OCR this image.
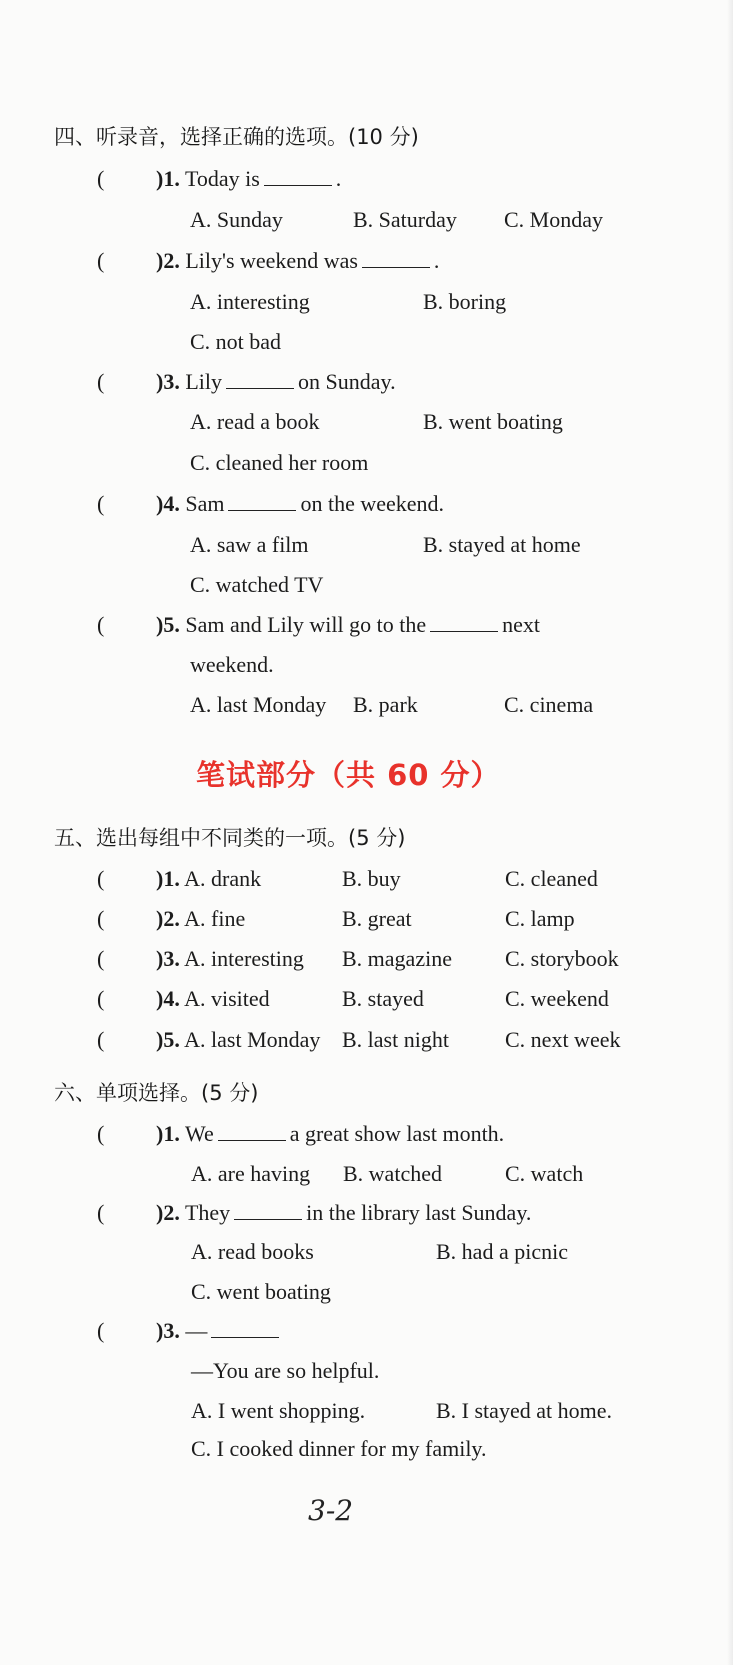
四、听录音，选择正确的选项。(10 分)
( )1. Today is	.
A. Sunday	B. Saturday C. Monday
( )2. Lily's weekend was	.
A. interesting	B. boring
C. not bad
( )3. Lily	on Sunday.
A. read a book	B. went boating
C. cleaned her room
( )4. Sam	on the weekend.
A. saw a film	B. stayed at home
C. watched TV
( )5. Sam and Lily will go to the	next
weekend.
A. last Monday B. park	C. cinema
笔试部分（共 60 分）
五、选出每组中不同类的一项。(5 分)
( )1. A. drank	B. buy	C. cleaned
( )2. A. fine	B. great	C. lamp
( )3. A. interesting B. magazine C. storybook
( )4. A. visited	B. stayed	C. weekend
( )5. A. last Monday B. last night	C. next week
六、单项选择。(5 分)
( )1. We	a great show last month.
A. are having B. watched	C. watch
( )2. They	in the library last Sunday.
A. read books	B. had a picnic
C. went boating
( )3. —
—You are so helpful.
A. I went shopping.	B. I stayed at home.
C. I cooked dinner for my family.
3-2
